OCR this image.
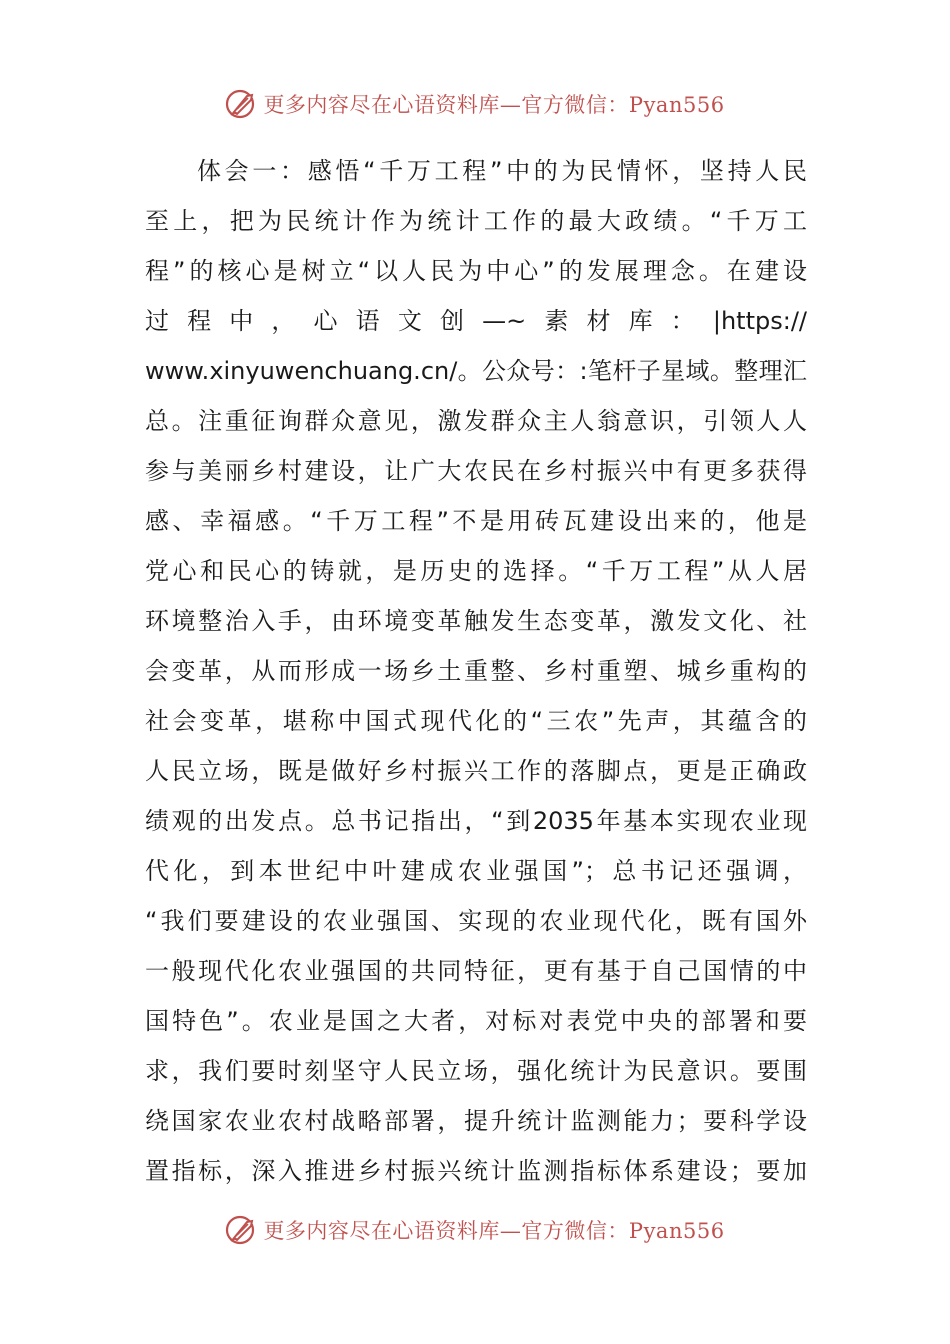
更多内容尽在心语资料库—官方微信：Pyan556
体会一：感悟“千万工程”中的为民情怀，坚持人民
至上，把为民统计作为统计工作的最大政绩。“千万工
程”的核心是树立“以人民为中心”的发展理念。在建设
过程中，心语文创—~素材库：|https://
www.xinyuwenchuang.cn/。公众号：:笔杆子星域。整理汇
总。注重征询群众意见，激发群众主人翁意识，引领人人
参与美丽乡村建设，让广大农民在乡村振兴中有更多获得
感、幸福感。“千万工程”不是用砖瓦建设出来的，他是
党心和民心的铸就，是历史的选择。“千万工程”从人居
环境整治入手，由环境变革触发生态变革，激发文化、社
会变革，从而形成一场乡土重整、乡村重塑、城乡重构的
社会变革，堪称中国式现代化的“三农”先声，其蕴含的
人民立场，既是做好乡村振兴工作的落脚点，更是正确政
绩观的出发点。总书记指出，“到2035年基本实现农业现
代化，到本世纪中叶建成农业强国”；总书记还强调，
“我们要建设的农业强国、实现的农业现代化，既有国外
一般现代化农业强国的共同特征，更有基于自己国情的中
国特色”。农业是国之大者，对标对表党中央的部署和要
求，我们要时刻坚守人民立场，强化统计为民意识。要围
绕国家农业农村战略部署，提升统计监测能力；要科学设
置指标，深入推进乡村振兴统计监测指标体系建设；要加
更多内容尽在心语资料库—官方微信：Pyan556
